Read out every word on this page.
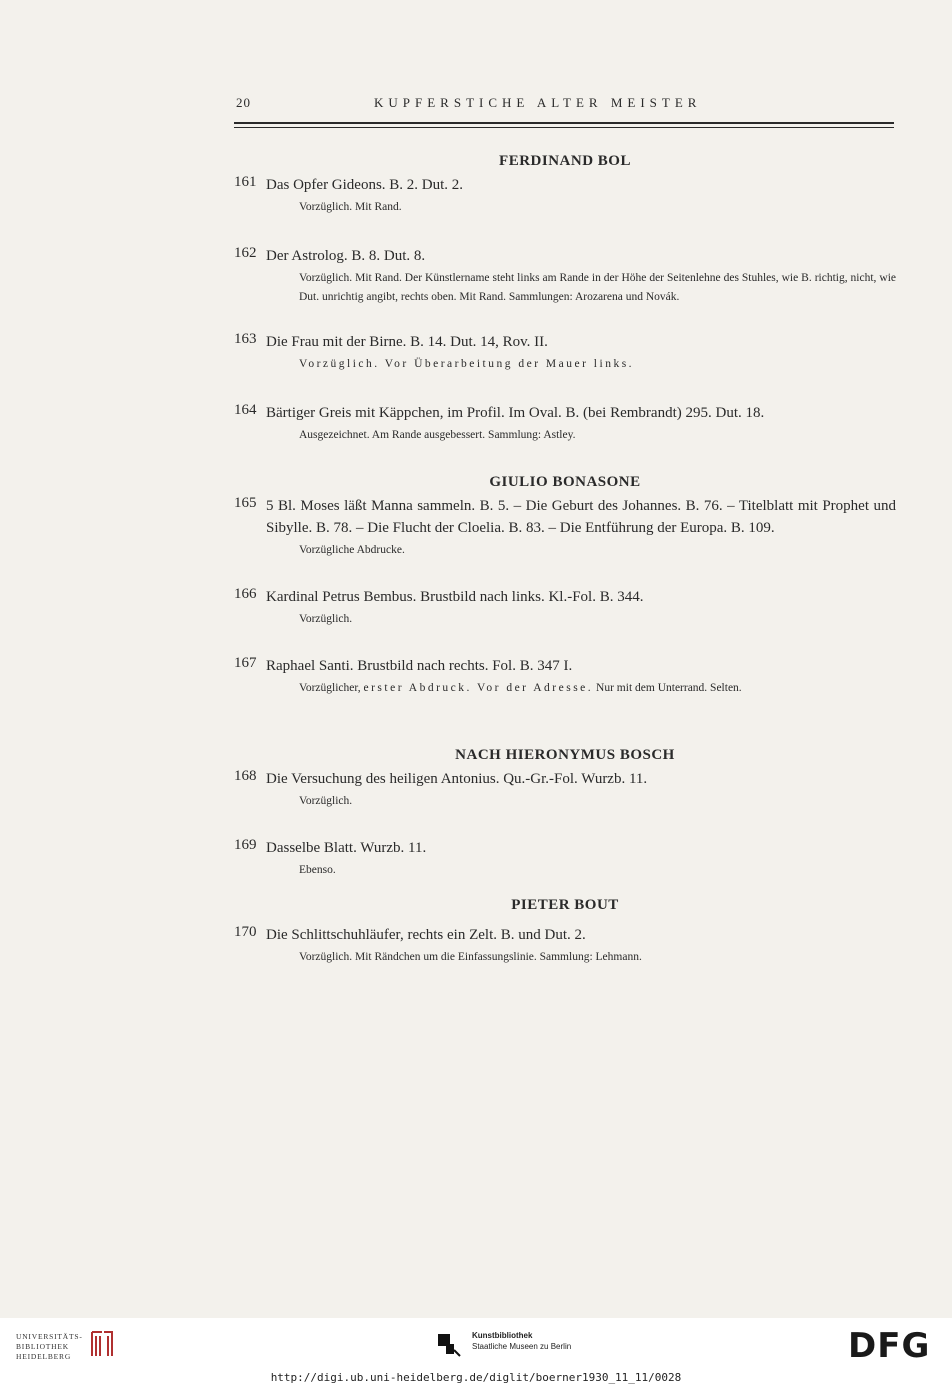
20	KUPFERSTICHE ALTER MEISTER
FERDINAND BOL
161 Das Opfer Gideons. B. 2. Dut. 2.
Vorzüglich. Mit Rand.
162 Der Astrolog. B. 8. Dut. 8.
Vorzüglich. Mit Rand. Der Künstlername steht links am Rande in der Höhe der Seitenlehne des Stuhles, wie B. richtig, nicht, wie Dut. unrichtig angibt, rechts oben. Mit Rand. Sammlungen: Arozarena und Novák.
163 Die Frau mit der Birne. B. 14. Dut. 14, Rov. II.
Vorzüglich. Vor Überarbeitung der Mauer links.
164 Bärtiger Greis mit Käppchen, im Profil. Im Oval. B. (bei Rembrandt) 295. Dut. 18.
Ausgezeichnet. Am Rande ausgebessert. Sammlung: Astley.
GIULIO BONASONE
165 5 Bl. Moses läßt Manna sammeln. B. 5. – Die Geburt des Johannes. B. 76. – Titelblatt mit Prophet und Sibylle. B. 78. – Die Flucht der Cloelia. B. 83. – Die Entführung der Europa. B. 109.
Vorzügliche Abdrucke.
166 Kardinal Petrus Bembus. Brustbild nach links. Kl.-Fol. B. 344.
Vorzüglich.
167 Raphael Santi. Brustbild nach rechts. Fol. B. 347 I.
Vorzüglicher, erster Abdruck. Vor der Adresse. Nur mit dem Unterrand. Selten.
NACH HIERONYMUS BOSCH
168 Die Versuchung des heiligen Antonius. Qu.-Gr.-Fol. Wurzb. 11.
Vorzüglich.
169 Dasselbe Blatt. Wurzb. 11.
Ebenso.
PIETER BOUT
170 Die Schlittschuhläufer, rechts ein Zelt. B. und Dut. 2.
Vorzüglich. Mit Rändchen um die Einfassungslinie. Sammlung: Lehmann.
UNIVERSITÄTS-
BIBLIOTHEK
HEIDELBERG
Kunstbibliothek
Staatliche Museen zu Berlin	DFG
http://digi.ub.uni-heidelberg.de/diglit/boerner1930_11_11/0028
